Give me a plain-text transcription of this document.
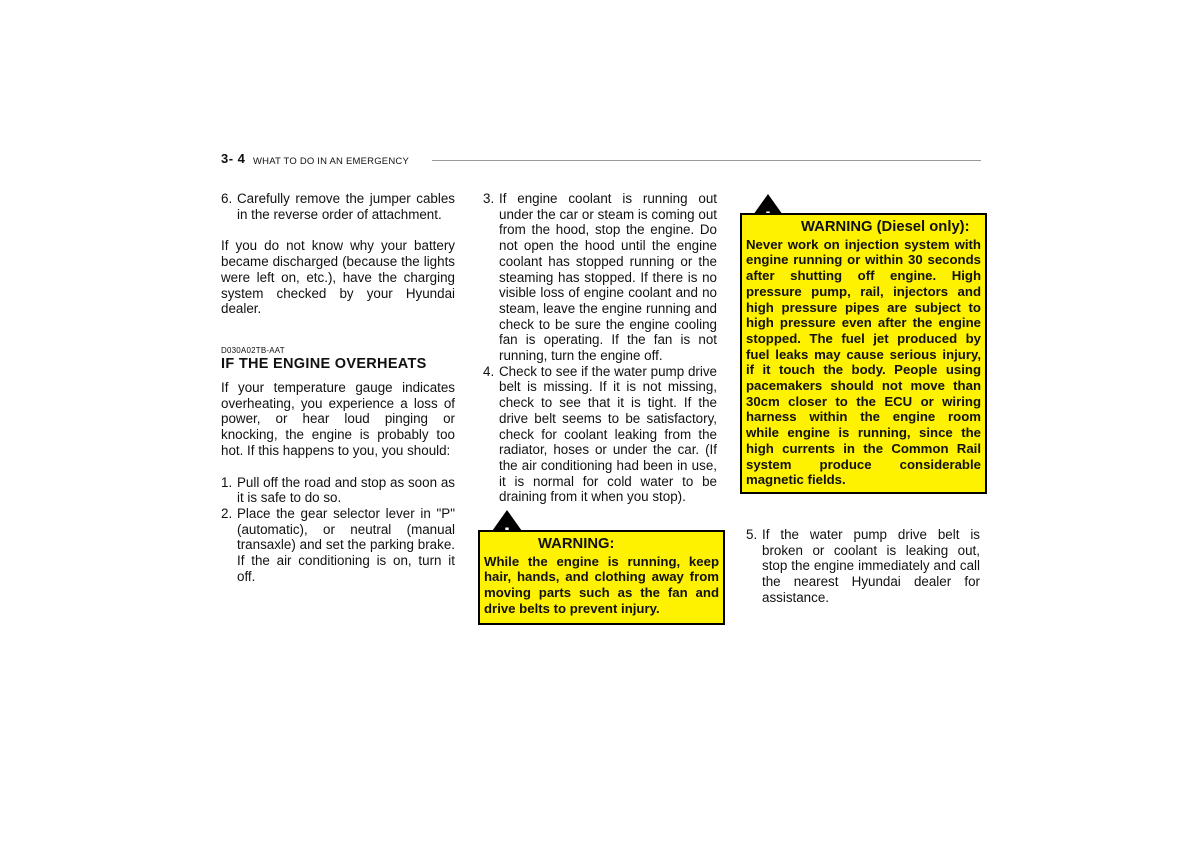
3- 4 WHAT TO DO IN AN EMERGENCY
6. Carefully remove the jumper cables in the reverse order of attachment.

If you do not know why your battery became discharged (because the lights were left on, etc.), have the charging system checked by your Hyundai dealer.

D030A02TB-AAT
IF THE ENGINE OVERHEATS

If your temperature gauge indicates overheating, you experience a loss of power, or hear loud pinging or knocking, the engine is probably too hot. If this happens to you, you should:

1. Pull off the road and stop as soon as it is safe to do so.
2. Place the gear selector lever in "P" (automatic), or neutral (manual transaxle) and set the parking brake. If the air conditioning is on, turn it off.
3. If engine coolant is running out under the car or steam is coming out from the hood, stop the engine. Do not open the hood until the engine coolant has stopped running or the steaming has stopped. If there is no visible loss of engine coolant and no steam, leave the engine running and check to be sure the engine cooling fan is operating. If the fan is not running, turn the engine off.
4. Check to see if the water pump drive belt is missing. If it is not missing, check to see that it is tight. If the drive belt seems to be satisfactory, check for coolant leaking from the radiator, hoses or under the car. (If the air conditioning had been in use, it is normal for cold water to be draining from it when you stop).
WARNING:
While the engine is running, keep hair, hands, and clothing away from moving parts such as the fan and drive belts to prevent injury.
WARNING (Diesel only):
Never work on injection system with engine running or within 30 seconds after shutting off engine. High pressure pump, rail, injectors and high pressure pipes are subject to high pressure even after the engine stopped. The fuel jet produced by fuel leaks may cause serious injury, if it touch the body. People using pacemakers should not move than 30cm closer to the ECU or wiring harness within the engine room while engine is running, since the high currents in the Common Rail system produce considerable magnetic fields.
5. If the water pump drive belt is broken or coolant is leaking out, stop the engine immediately and call the nearest Hyundai dealer for assistance.
